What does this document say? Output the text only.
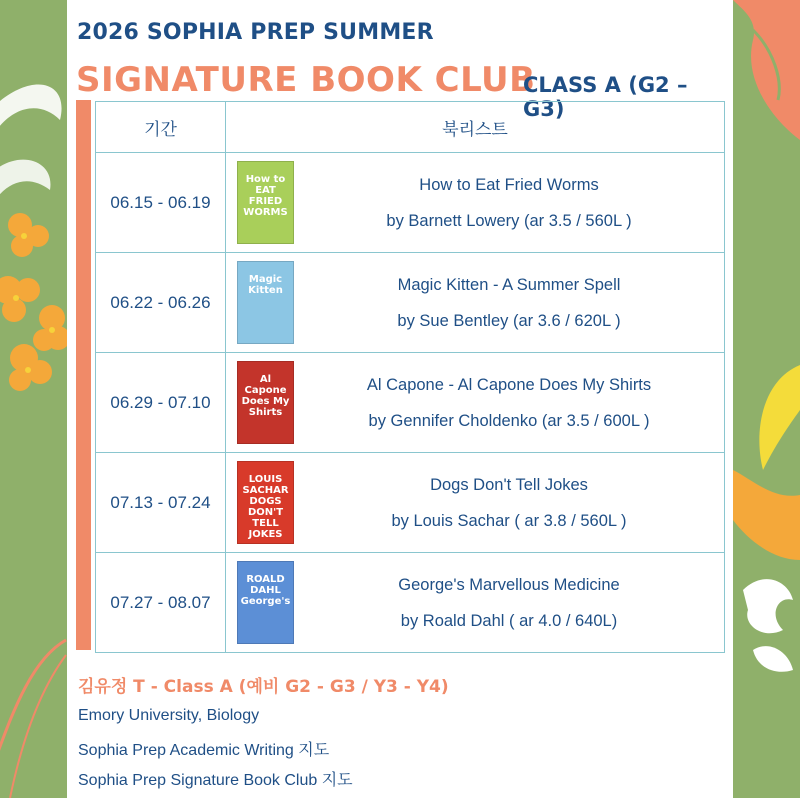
2026 SOPHIA PREP SUMMER
SIGNATURE BOOK CLUB
CLASS A (G2 – G3)
기간	북리스트
06.15 - 06.19	How to EAT FRIED WORMS
How to Eat Fried Worms
by Barnett Lowery (ar 3.5 / 560L )

06.22 - 06.26	Magic Kitten Magic Kitten - A Summer Spell
by Sue Bentley (ar 3.6 / 620L )

06.29 - 07.10	Al Capone Does My Shirts
Al Capone - Al Capone Does My Shirts
by Gennifer Choldenko (ar 3.5 / 600L )

07.13 - 07.24	LOUIS SACHAR DOGS DON'T TELL JOKES
Dogs Don't Tell Jokes
by Louis Sachar ( ar 3.8 / 560L )

07.27 - 08.07	ROALD DAHL George's
George's Marvellous Medicine
by Roald Dahl ( ar 4.0 / 640L)
김유정 T - Class A (예비 G2 - G3 / Y3 - Y4)
Emory University, Biology
Sophia Prep Academic Writing 지도
Sophia Prep Signature Book Club 지도
